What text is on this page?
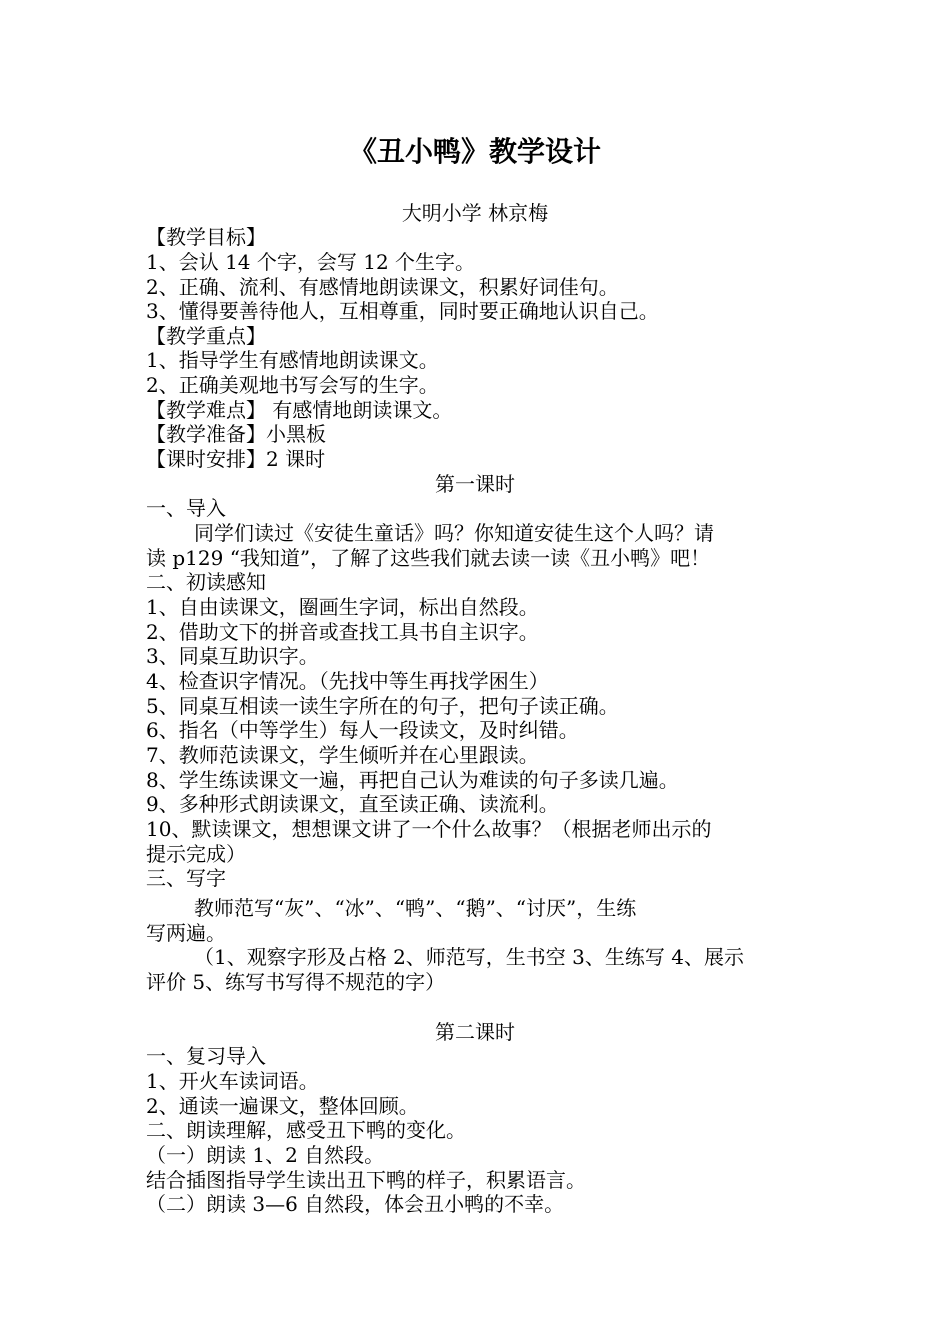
《丑小鸭》教学设计
大明小学 林京梅
【教学目标】
1、会认 14 个字，会写 12 个生字。
2、正确、流利、有感情地朗读课文，积累好词佳句。
3、懂得要善待他人，互相尊重，同时要正确地认识自己。
【教学重点】
1、指导学生有感情地朗读课文。
2、正确美观地书写会写的生字。
【教学难点】 有感情地朗读课文。
【教学准备】小黑板
【课时安排】2 课时
第一课时
一、导入
同学们读过《安徒生童话》吗？你知道安徒生这个人吗？请
读 p129 “我知道”，了解了这些我们就去读一读《丑小鸭》吧！
二、初读感知
1、自由读课文，圈画生字词，标出自然段。
2、借助文下的拼音或查找工具书自主识字。
3、同桌互助识字。
4、检查识字情况。（先找中等生再找学困生）
5、同桌互相读一读生字所在的句子，把句子读正确。
6、指名（中等学生）每人一段读文，及时纠错。
7、教师范读课文，学生倾听并在心里跟读。
8、学生练读课文一遍，再把自己认为难读的句子多读几遍。
9、多种形式朗读课文，直至读正确、读流利。
10、默读课文，想想课文讲了一个什么故事？（根据老师出示的
提示完成）
三、写字
教师范写“灰”、“冰”、“鸭”、“鹅”、“讨厌”，生练
写两遍。
（1、观察字形及占格 2、师范写，生书空 3、生练写 4、展示
评价 5、练写书写得不规范的字）
第二课时
一、复习导入
1、开火车读词语。
2、通读一遍课文，整体回顾。
二、朗读理解，感受丑下鸭的变化。
（一）朗读 1、2 自然段。
结合插图指导学生读出丑下鸭的样子，积累语言。
（二）朗读 3—6 自然段，体会丑小鸭的不幸。
